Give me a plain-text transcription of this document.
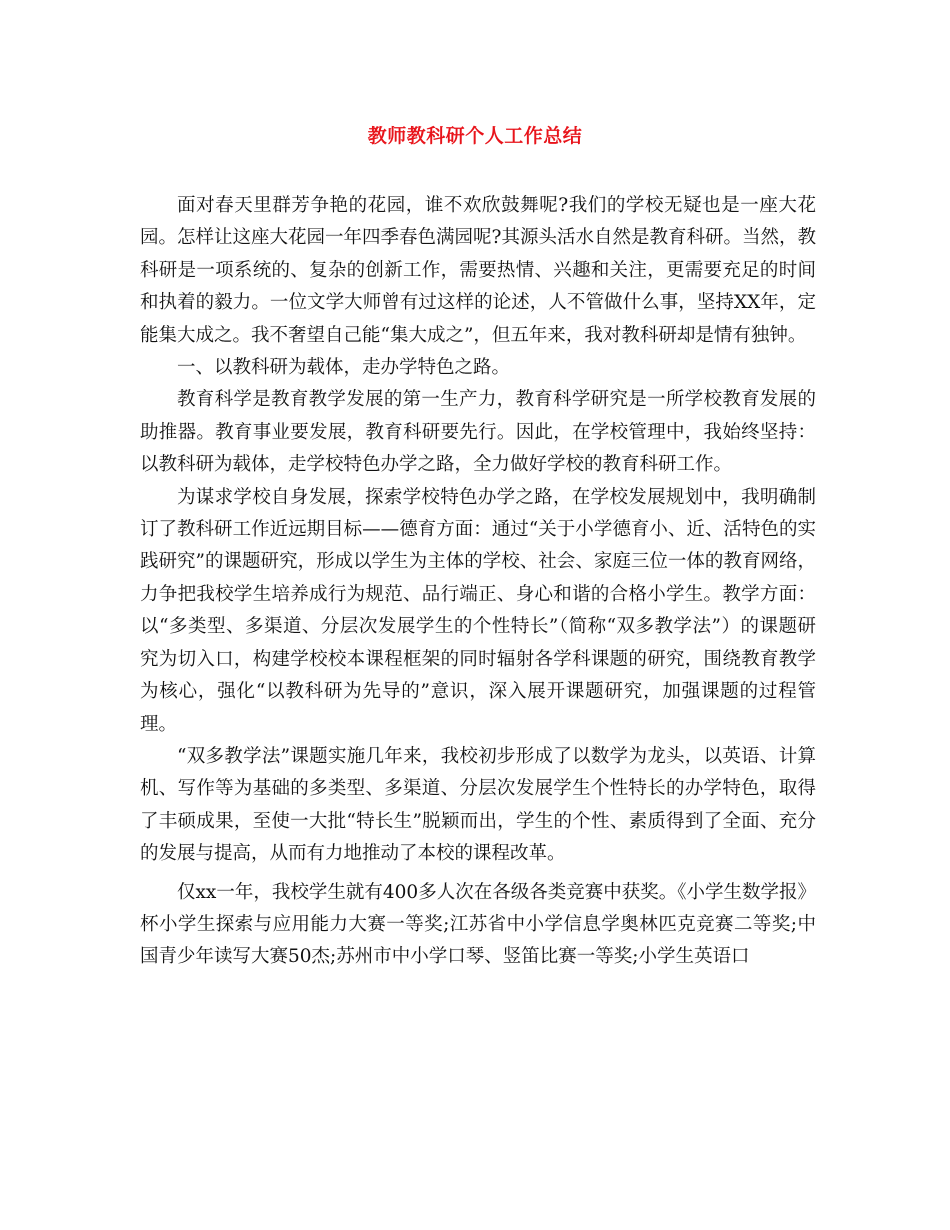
教师教科研个人工作总结

面对春天里群芳争艳的花园，谁不欢欣鼓舞呢?我们的学校无疑也是一座大花园。怎样让这座大花园一年四季春色满园呢?其源头活水自然是教育科研。当然，教科研是一项系统的、复杂的创新工作，需要热情、兴趣和关注，更需要充足的时间和执着的毅力。一位文学大师曾有过这样的论述，人不管做什么事，坚持XX年，定能集大成之。我不奢望自己能“集大成之”，但五年来，我对教科研却是情有独钟。

一、以教科研为载体，走办学特色之路。

教育科学是教育教学发展的第一生产力，教育科学研究是一所学校教育发展的助推器。教育事业要发展，教育科研要先行。因此，在学校管理中，我始终坚持：以教科研为载体，走学校特色办学之路，全力做好学校的教育科研工作。

为谋求学校自身发展，探索学校特色办学之路，在学校发展规划中，我明确制订了教科研工作近远期目标——德育方面：通过“关于小学德育小、近、活特色的实践研究”的课题研究，形成以学生为主体的学校、社会、家庭三位一体的教育网络，力争把我校学生培养成行为规范、品行端正、身心和谐的合格小学生。教学方面：以“多类型、多渠道、分层次发展学生的个性特长”（简称“双多教学法”）的课题研究为切入口，构建学校校本课程框架的同时辐射各学科课题的研究，围绕教育教学为核心，强化“以教科研为先导的”意识，深入展开课题研究，加强课题的过程管理。

“双多教学法”课题实施几年来，我校初步形成了以数学为龙头，以英语、计算机、写作等为基础的多类型、多渠道、分层次发展学生个性特长的办学特色，取得了丰硕成果，至使一大批“特长生”脱颖而出，学生的个性、素质得到了全面、充分的发展与提高，从而有力地推动了本校的课程改革。

仅xx一年，我校学生就有400多人次在各级各类竞赛中获奖。《小学生数学报》杯小学生探索与应用能力大赛一等奖;江苏省中小学信息学奥林匹克竞赛二等奖;中国青少年读写大赛50杰;苏州市中小学口琴、竖笛比赛一等奖;小学生英语口
